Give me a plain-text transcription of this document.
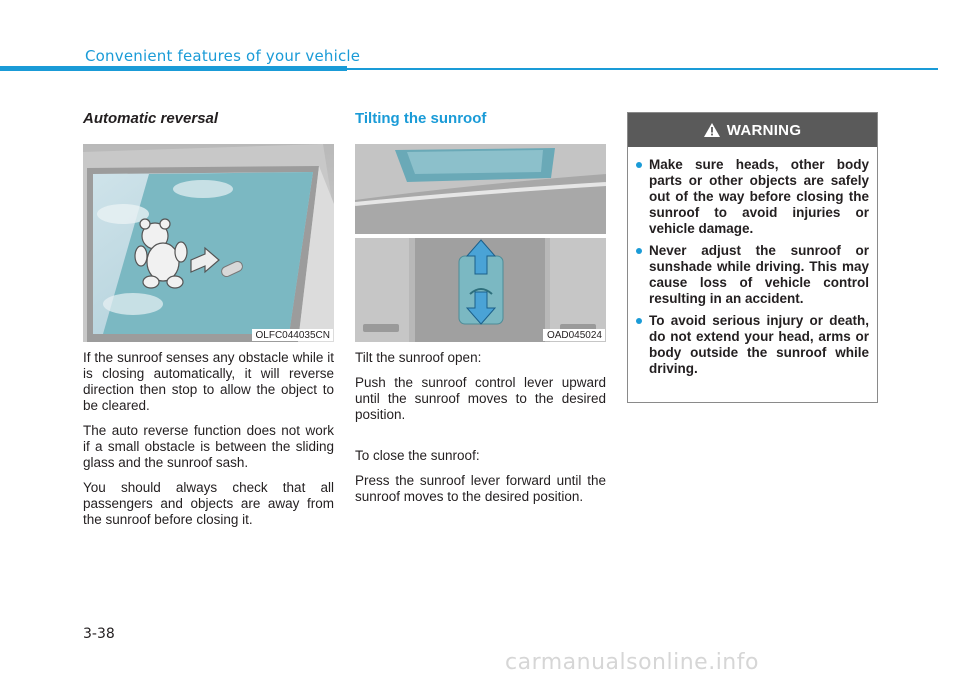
Convenient features of your vehicle
Automatic reversal
OLFC044035CN

If the sunroof senses any obstacle while it is closing automatically, it will reverse direction then stop to allow the object to be cleared.

The auto reverse function does not work if a small obstacle is between the sliding glass and the sunroof sash.

You should always check that all passengers and objects are away from the sunroof before closing it.

Tilting the sunroof
OAD045024

Tilt the sunroof open:

Push the sunroof control lever upward until the sunroof moves to the desired position.

To close the sunroof:

Press the sunroof lever forward until the sunroof moves to the desired position.

WARNING
Make sure heads, other body parts or other objects are safely out of the way before closing the sunroof to avoid injuries or vehicle damage.
Never adjust the sunroof or sunshade while driving. This may cause loss of vehicle control resulting in an accident.
To avoid serious injury or death, do not extend your head, arms or body outside the sunroof while driving.
3-38
carmanualsonline.info
